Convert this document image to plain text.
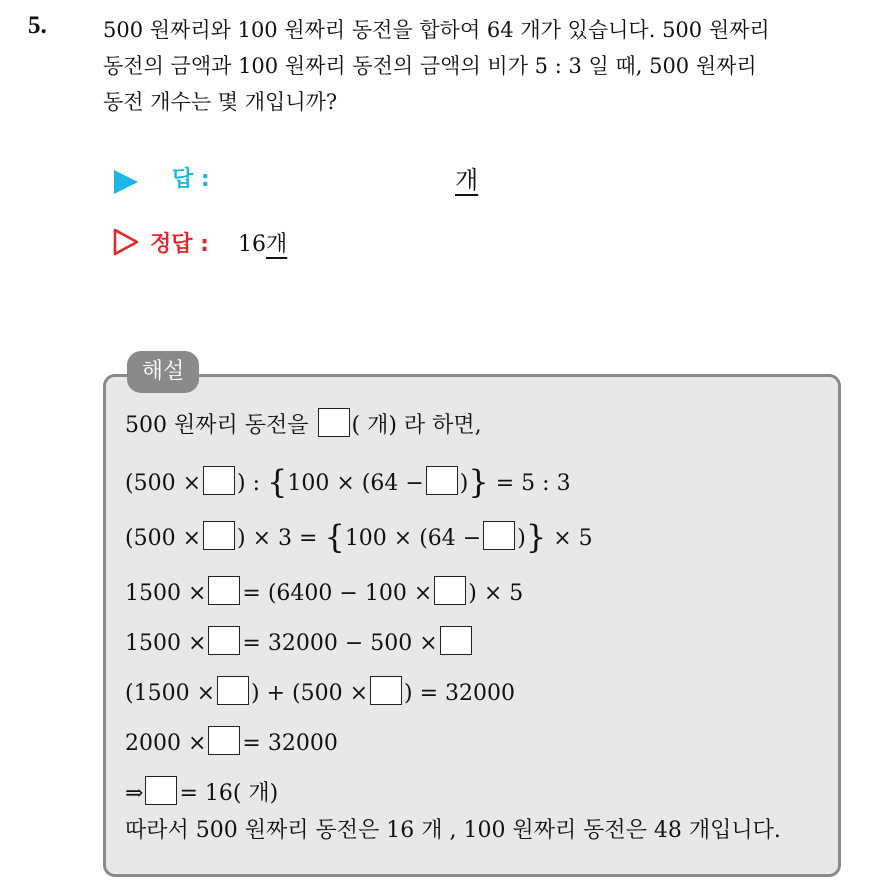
5.	500 원짜리와 100 원짜리 동전을 합하여 64 개가 있습니다. 500 원짜리
동전의 금액과 100 원짜리 동전의 금액의 비가 5 : 3 일 때, 500 원짜리
동전 개수는 몇 개입니까?
답 :	개
정답 : 16개
해설
500 원짜리 동전을 ( 개) 라 하면,
(500 × ) : {100 × (64 − )} = 5 : 3
(500 × ) × 3 = {100 × (64 − )} × 5
1500 × = (6400 − 100 × ) × 5
1500 × = 32000 − 500 ×
(1500 × ) + (500 × ) = 32000
2000 × = 32000
⇒ = 16( 개)
따라서 500 원짜리 동전은 16 개 , 100 원짜리 동전은 48 개입니다.
